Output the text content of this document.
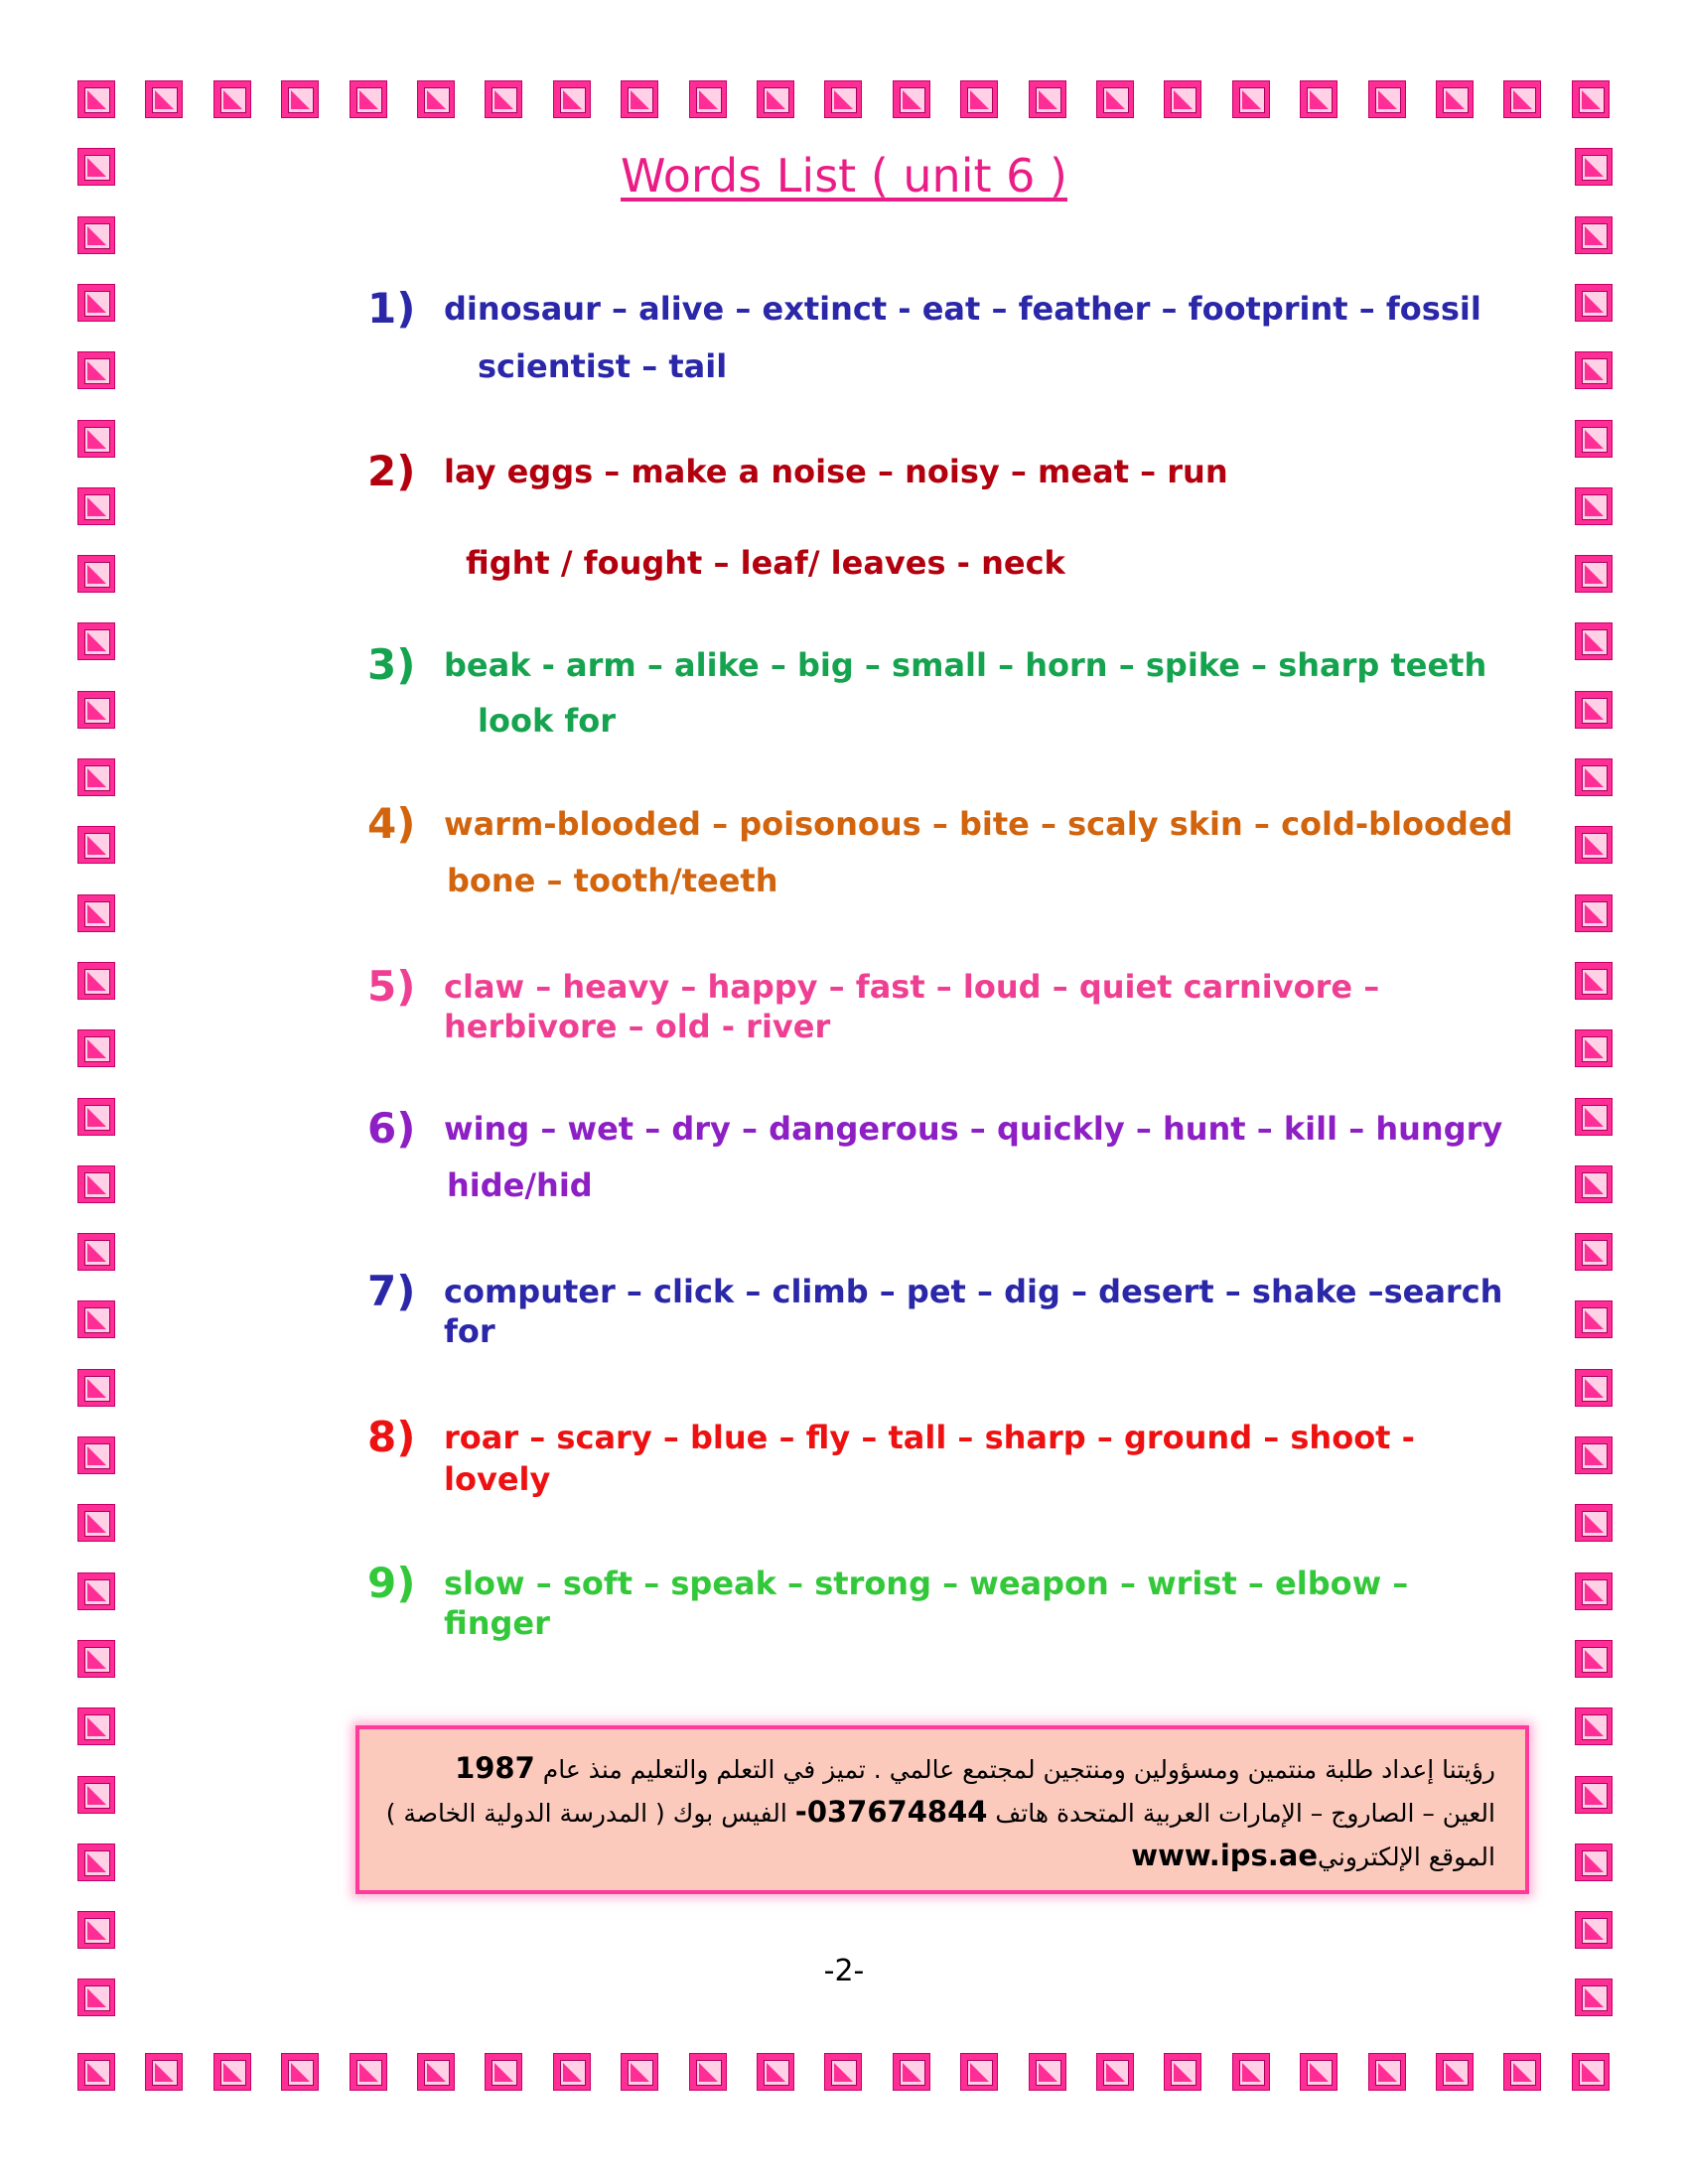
Words List ( unit 6 )
1) dinosaur – alive – extinct - eat – feather – footprint – fossil
scientist – tail
2) lay eggs – make a noise – noisy – meat – run
fight / fought – leaf/ leaves - neck
3) beak - arm – alike – big – small – horn – spike – sharp teeth
look for
4) warm-blooded – poisonous – bite – scaly skin – cold-blooded
bone – tooth/teeth
5) claw – heavy – happy – fast – loud – quiet carnivore –
herbivore – old - river
6) wing – wet – dry – dangerous – quickly – hunt – kill – hungry
hide/hid
7) computer – click – climb – pet – dig – desert – shake –search
for
8) roar – scary – blue – fly – tall – sharp – ground – shoot -
lovely
9) slow – soft – speak – strong – weapon – wrist – elbow –
finger
رؤيتنا إعداد طلبة منتمين ومسؤولين ومنتجين لمجتمع عالمي . تميز في التعلم والتعليم منذ عام 1987
العين – الصاروج – الإمارات العربية المتحدة هاتف -037674844 الفيس بوك ( المدرسة الدولية الخاصة )
الموقع الإلكترونيwww.ips.ae
-2-
